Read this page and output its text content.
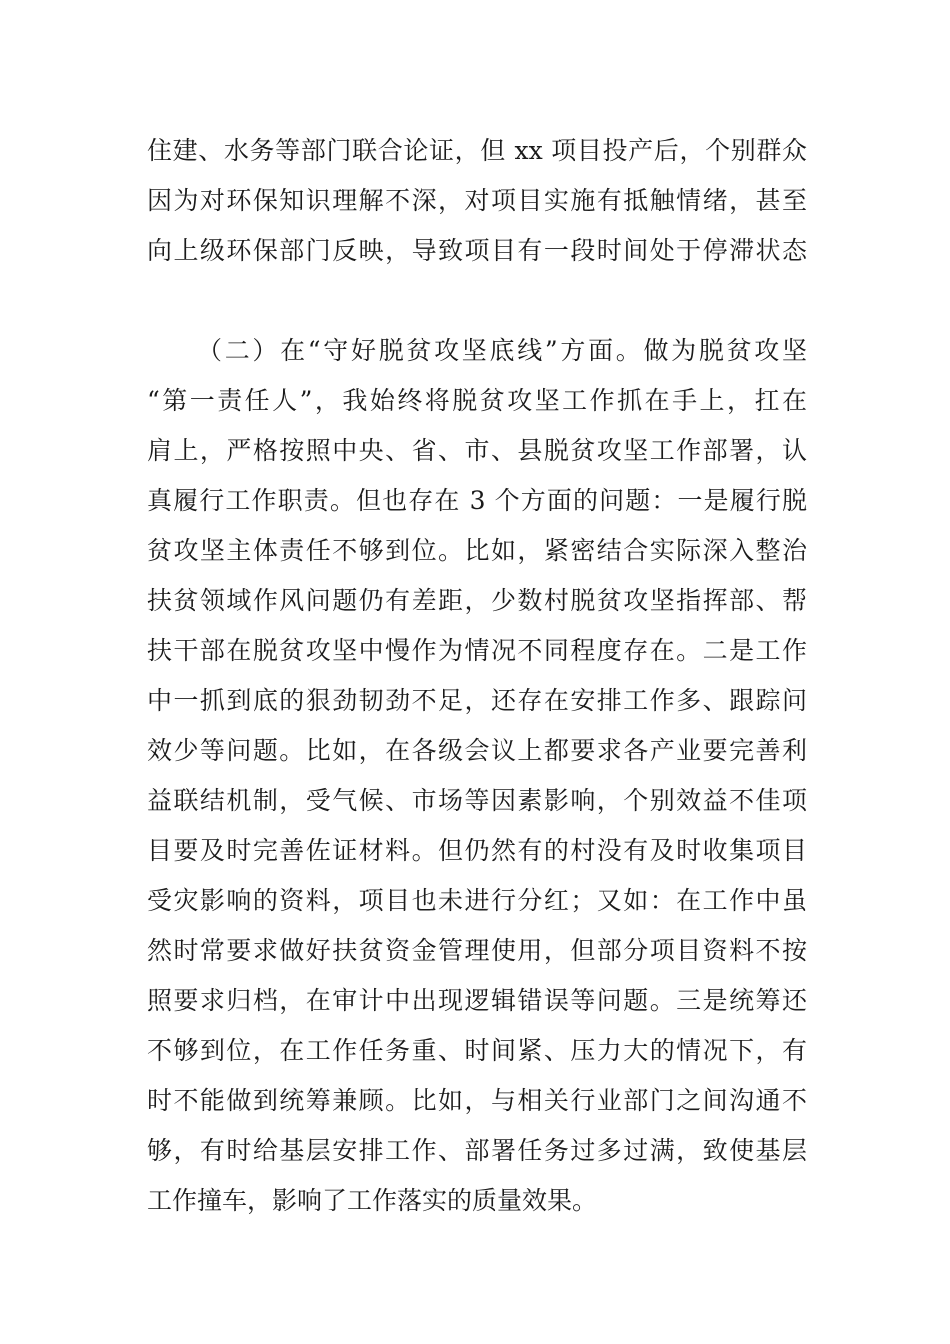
住建、水务等部门联合论证，但 xx 项目投产后，个别群众
因为对环保知识理解不深，对项目实施有抵触情绪，甚至
向上级环保部门反映，导致项目有一段时间处于停滞状态
（二）在“守好脱贫攻坚底线”方面。做为脱贫攻坚
“第一责任人”，我始终将脱贫攻坚工作抓在手上，扛在
肩上，严格按照中央、省、市、县脱贫攻坚工作部署，认
真履行工作职责。但也存在 3 个方面的问题：一是履行脱
贫攻坚主体责任不够到位。比如，紧密结合实际深入整治
扶贫领域作风问题仍有差距，少数村脱贫攻坚指挥部、帮
扶干部在脱贫攻坚中慢作为情况不同程度存在。二是工作
中一抓到底的狠劲韧劲不足，还存在安排工作多、跟踪问
效少等问题。比如，在各级会议上都要求各产业要完善利
益联结机制，受气候、市场等因素影响，个别效益不佳项
目要及时完善佐证材料。但仍然有的村没有及时收集项目
受灾影响的资料，项目也未进行分红；又如：在工作中虽
然时常要求做好扶贫资金管理使用，但部分项目资料不按
照要求归档，在审计中出现逻辑错误等问题。三是统筹还
不够到位，在工作任务重、时间紧、压力大的情况下，有
时不能做到统筹兼顾。比如，与相关行业部门之间沟通不
够，有时给基层安排工作、部署任务过多过满，致使基层
工作撞车，影响了工作落实的质量效果。
